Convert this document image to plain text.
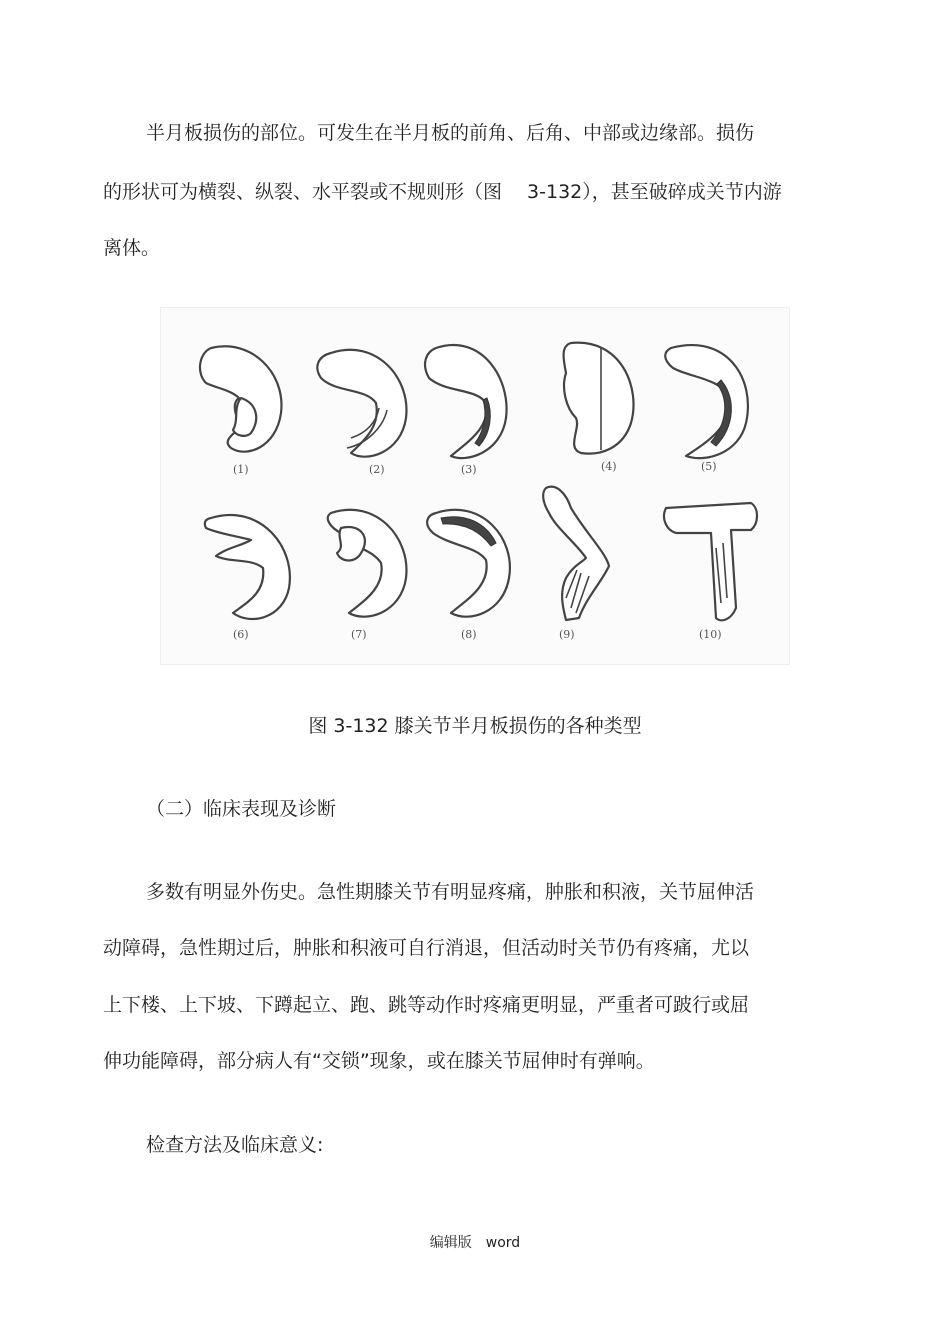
半月板损伤的部位。可发生在半月板的前角、后角、中部或边缘部。损伤
的形状可为横裂、纵裂、水平裂或不规则形（图　 3-132），甚至破碎成关节内游
离体。
(1)	(2)	(3)	(4)	(5)
(6)	(7)	(8)	(9)	(10)
图 3-132 膝关节半月板损伤的各种类型
（二）临床表现及诊断
多数有明显外伤史。急性期膝关节有明显疼痛，肿胀和积液，关节屈伸活
动障碍，急性期过后，肿胀和积液可自行消退，但活动时关节仍有疼痛，尤以
上下楼、上下坡、下蹲起立、跑、跳等动作时疼痛更明显，严重者可跛行或屈
伸功能障碍，部分病人有“交锁”现象，或在膝关节屈伸时有弹响。
检查方法及临床意义:
编辑版　word
